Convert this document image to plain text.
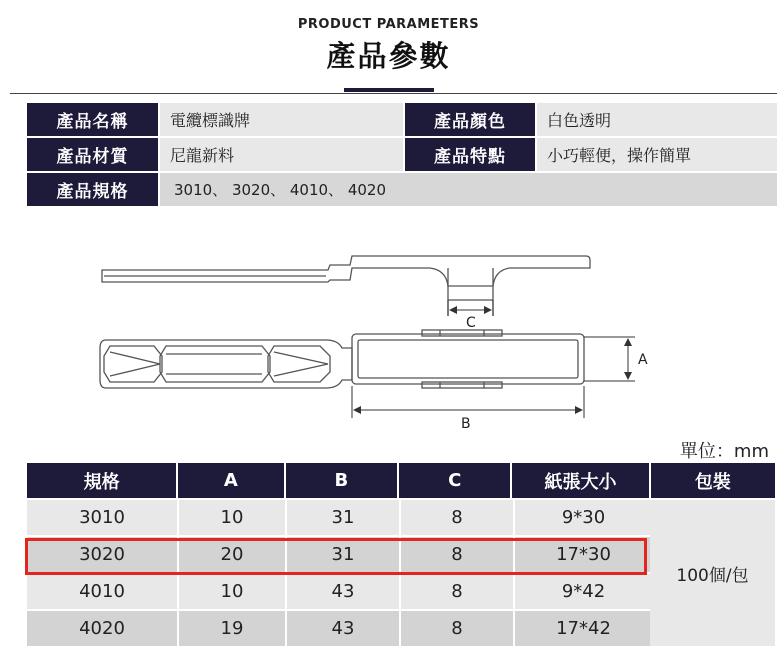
PRODUCT PARAMETERS
產品參數
產品名稱	電纜標識牌	產品顏色	白色透明
產品材質	尼龍新料	產品特點	小巧輕便，操作簡單
產品規格	3010、 3020、 4010、 4020
C
A
B
單位：mm
規格	A	B	C	紙張大小	包裝
3010	10	31	8	9*30
3020	20	31	8	17*30
4010	10	43	8	9*42
4020	19	43	8	17*42
100個/包
